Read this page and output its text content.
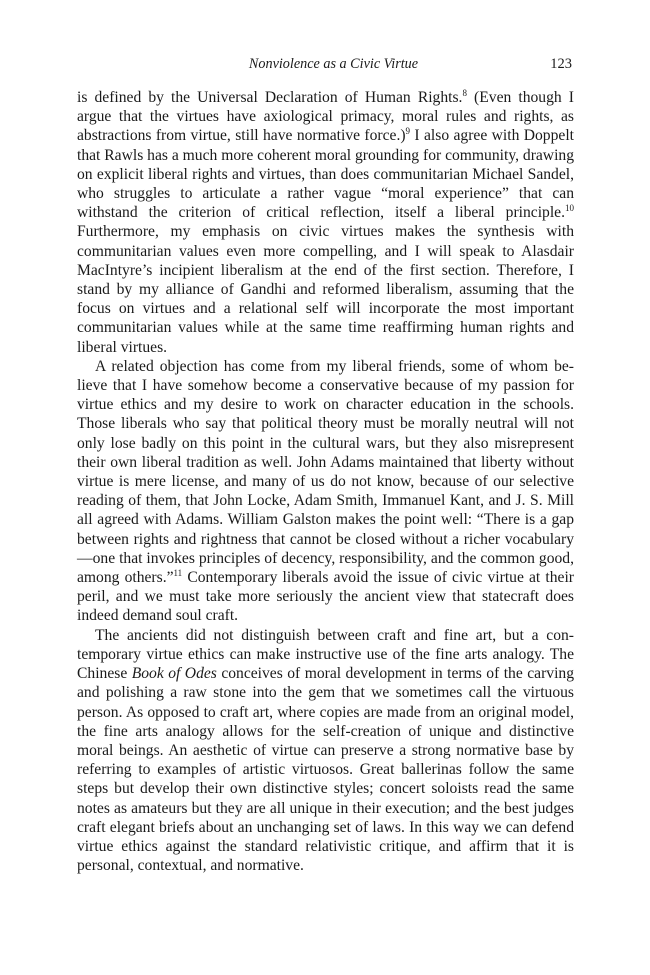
Nonviolence as a Civic Virtue	123

is defined by the Universal Declaration of Human Rights.$^8$ (Even though I argue that the virtues have axiological primacy, moral rules and rights, as abstractions from virtue, still have normative force.)$^9$ I also agree with Doppelt that Rawls has a much more coherent moral grounding for community, drawing on explicit liberal rights and virtues, than does communitarian Michael Sandel, who struggles to articulate a rather vague “moral experience” that can withstand the criterion of critical reflection, itself a liberal principle.$^{10}$ Furthermore, my emphasis on civic virtues makes the synthesis with communitarian values even more compelling, and I will speak to Alasdair MacIntyre’s incipient liberalism at the end of the first section. Therefore, I stand by my alliance of Gandhi and reformed liberalism, assuming that the focus on virtues and a relational self will incorporate the most important communitarian values while at the same time reaffirming human rights and liberal virtues.

A related objection has come from my liberal friends, some of whom believe that I have somehow become a conservative because of my passion for virtue ethics and my desire to work on character education in the schools. Those liberals who say that political theory must be morally neutral will not only lose badly on this point in the cultural wars, but they also misrepresent their own liberal tradition as well. John Adams maintained that liberty without virtue is mere license, and many of us do not know, because of our selective reading of them, that John Locke, Adam Smith, Immanuel Kant, and J. S. Mill all agreed with Adams. William Galston makes the point well: “There is a gap between rights and rightness that cannot be closed without a richer vocabulary—one that invokes principles of decency, responsibility, and the common good, among others.”$^{11}$ Contemporary liberals avoid the issue of civic virtue at their peril, and we must take more seriously the ancient view that statecraft does indeed demand soul craft.

The ancients did not distinguish between craft and fine art, but a contemporary virtue ethics can make instructive use of the fine arts analogy. The Chinese Book of Odes conceives of moral development in terms of the carving and polishing a raw stone into the gem that we sometimes call the virtuous person. As opposed to craft art, where copies are made from an original model, the fine arts analogy allows for the self-creation of unique and distinctive moral beings. An aesthetic of virtue can preserve a strong normative base by referring to examples of artistic virtuosos. Great ballerinas follow the same steps but develop their own distinctive styles; concert soloists read the same notes as amateurs but they are all unique in their execution; and the best judges craft elegant briefs about an unchanging set of laws. In this way we can defend virtue ethics against the standard relativistic critique, and affirm that it is personal, contextual, and normative.
